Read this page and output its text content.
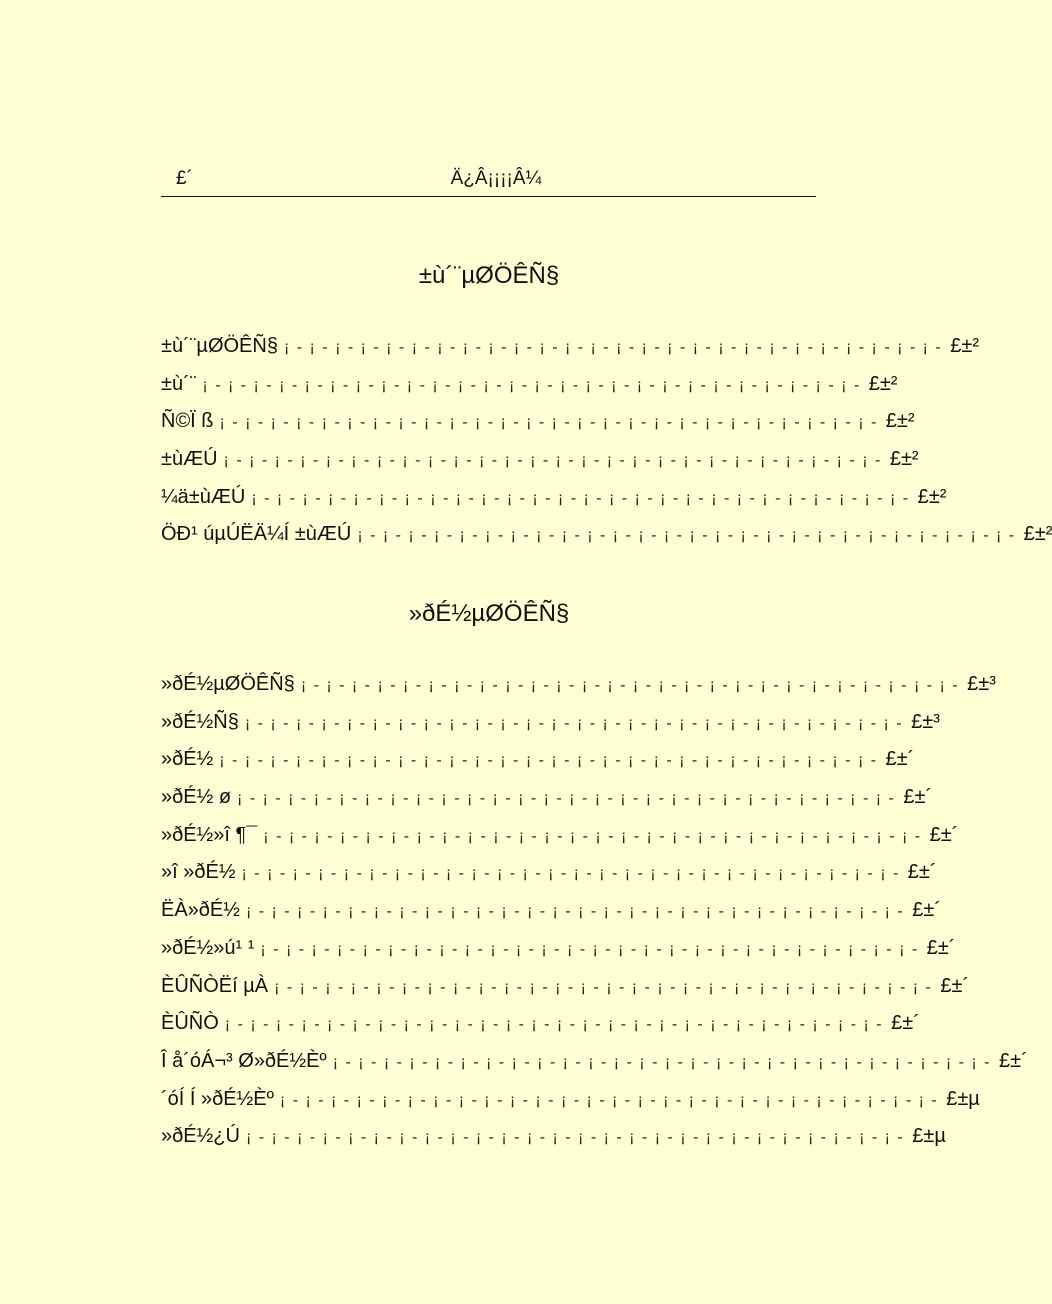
£´	Ä¿Â¡¡¡¡Â¼
±ù´¨µØÖÊÑ§
±ù´¨µØÖÊÑ§ ¡ - ¡ - ¡ - ¡ - ¡ - ¡ - ¡ - ¡ - ¡ - ¡ - ¡ - ¡ - ¡ - ¡ - ¡ - ¡ - ¡ - ¡ - ¡ - ¡ - ¡ - ¡ - ¡ - ¡ - ¡ - ¡ - £±²
±ù´¨ ¡ - ¡ - ¡ - ¡ - ¡ - ¡ - ¡ - ¡ - ¡ - ¡ - ¡ - ¡ - ¡ - ¡ - ¡ - ¡ - ¡ - ¡ - ¡ - ¡ - ¡ - ¡ - ¡ - ¡ - ¡ - ¡ - £±²
Ñ©Ï ß ¡ - ¡ - ¡ - ¡ - ¡ - ¡ - ¡ - ¡ - ¡ - ¡ - ¡ - ¡ - ¡ - ¡ - ¡ - ¡ - ¡ - ¡ - ¡ - ¡ - ¡ - ¡ - ¡ - ¡ - ¡ - ¡ - £±²
±ùÆÚ ¡ - ¡ - ¡ - ¡ - ¡ - ¡ - ¡ - ¡ - ¡ - ¡ - ¡ - ¡ - ¡ - ¡ - ¡ - ¡ - ¡ - ¡ - ¡ - ¡ - ¡ - ¡ - ¡ - ¡ - ¡ - ¡ - £±²
¼ä±ùÆÚ ¡ - ¡ - ¡ - ¡ - ¡ - ¡ - ¡ - ¡ - ¡ - ¡ - ¡ - ¡ - ¡ - ¡ - ¡ - ¡ - ¡ - ¡ - ¡ - ¡ - ¡ - ¡ - ¡ - ¡ - ¡ - ¡ - £±²
ÖÐ¹ úµÚËÄ¼Í ±ùÆÚ ¡ - ¡ - ¡ - ¡ - ¡ - ¡ - ¡ - ¡ - ¡ - ¡ - ¡ - ¡ - ¡ - ¡ - ¡ - ¡ - ¡ - ¡ - ¡ - ¡ - ¡ - ¡ - ¡ - ¡ - ¡ - ¡ - £±²
»ðÉ½µØÖÊÑ§
»ðÉ½µØÖÊÑ§ ¡ - ¡ - ¡ - ¡ - ¡ - ¡ - ¡ - ¡ - ¡ - ¡ - ¡ - ¡ - ¡ - ¡ - ¡ - ¡ - ¡ - ¡ - ¡ - ¡ - ¡ - ¡ - ¡ - ¡ - ¡ - ¡ - £±³
»ðÉ½Ñ§ ¡ - ¡ - ¡ - ¡ - ¡ - ¡ - ¡ - ¡ - ¡ - ¡ - ¡ - ¡ - ¡ - ¡ - ¡ - ¡ - ¡ - ¡ - ¡ - ¡ - ¡ - ¡ - ¡ - ¡ - ¡ - ¡ - £±³
»ðÉ½ ¡ - ¡ - ¡ - ¡ - ¡ - ¡ - ¡ - ¡ - ¡ - ¡ - ¡ - ¡ - ¡ - ¡ - ¡ - ¡ - ¡ - ¡ - ¡ - ¡ - ¡ - ¡ - ¡ - ¡ - ¡ - ¡ - £±´
»ðÉ½ ø ¡ - ¡ - ¡ - ¡ - ¡ - ¡ - ¡ - ¡ - ¡ - ¡ - ¡ - ¡ - ¡ - ¡ - ¡ - ¡ - ¡ - ¡ - ¡ - ¡ - ¡ - ¡ - ¡ - ¡ - ¡ - ¡ - £±´
»ðÉ½»î ¶¯ ¡ - ¡ - ¡ - ¡ - ¡ - ¡ - ¡ - ¡ - ¡ - ¡ - ¡ - ¡ - ¡ - ¡ - ¡ - ¡ - ¡ - ¡ - ¡ - ¡ - ¡ - ¡ - ¡ - ¡ - ¡ - ¡ - £±´
»î »ðÉ½ ¡ - ¡ - ¡ - ¡ - ¡ - ¡ - ¡ - ¡ - ¡ - ¡ - ¡ - ¡ - ¡ - ¡ - ¡ - ¡ - ¡ - ¡ - ¡ - ¡ - ¡ - ¡ - ¡ - ¡ - ¡ - ¡ - £±´
ËÀ»ðÉ½ ¡ - ¡ - ¡ - ¡ - ¡ - ¡ - ¡ - ¡ - ¡ - ¡ - ¡ - ¡ - ¡ - ¡ - ¡ - ¡ - ¡ - ¡ - ¡ - ¡ - ¡ - ¡ - ¡ - ¡ - ¡ - ¡ - £±´
»ðÉ½»ú¹ ¹ ¡ - ¡ - ¡ - ¡ - ¡ - ¡ - ¡ - ¡ - ¡ - ¡ - ¡ - ¡ - ¡ - ¡ - ¡ - ¡ - ¡ - ¡ - ¡ - ¡ - ¡ - ¡ - ¡ - ¡ - ¡ - ¡ - £±´
ÈÛÑÒËí µÀ ¡ - ¡ - ¡ - ¡ - ¡ - ¡ - ¡ - ¡ - ¡ - ¡ - ¡ - ¡ - ¡ - ¡ - ¡ - ¡ - ¡ - ¡ - ¡ - ¡ - ¡ - ¡ - ¡ - ¡ - ¡ - ¡ - £±´
ÈÛÑÒ ¡ - ¡ - ¡ - ¡ - ¡ - ¡ - ¡ - ¡ - ¡ - ¡ - ¡ - ¡ - ¡ - ¡ - ¡ - ¡ - ¡ - ¡ - ¡ - ¡ - ¡ - ¡ - ¡ - ¡ - ¡ - ¡ - £±´
Î å´óÁ¬³ Ø»ðÉ½Èº ¡ - ¡ - ¡ - ¡ - ¡ - ¡ - ¡ - ¡ - ¡ - ¡ - ¡ - ¡ - ¡ - ¡ - ¡ - ¡ - ¡ - ¡ - ¡ - ¡ - ¡ - ¡ - ¡ - ¡ - ¡ - ¡ - £±´
´óÍ Í »ðÉ½Èº ¡ - ¡ - ¡ - ¡ - ¡ - ¡ - ¡ - ¡ - ¡ - ¡ - ¡ - ¡ - ¡ - ¡ - ¡ - ¡ - ¡ - ¡ - ¡ - ¡ - ¡ - ¡ - ¡ - ¡ - ¡ - ¡ - £±µ
»ðÉ½¿Ú ¡ - ¡ - ¡ - ¡ - ¡ - ¡ - ¡ - ¡ - ¡ - ¡ - ¡ - ¡ - ¡ - ¡ - ¡ - ¡ - ¡ - ¡ - ¡ - ¡ - ¡ - ¡ - ¡ - ¡ - ¡ - ¡ - £±µ
